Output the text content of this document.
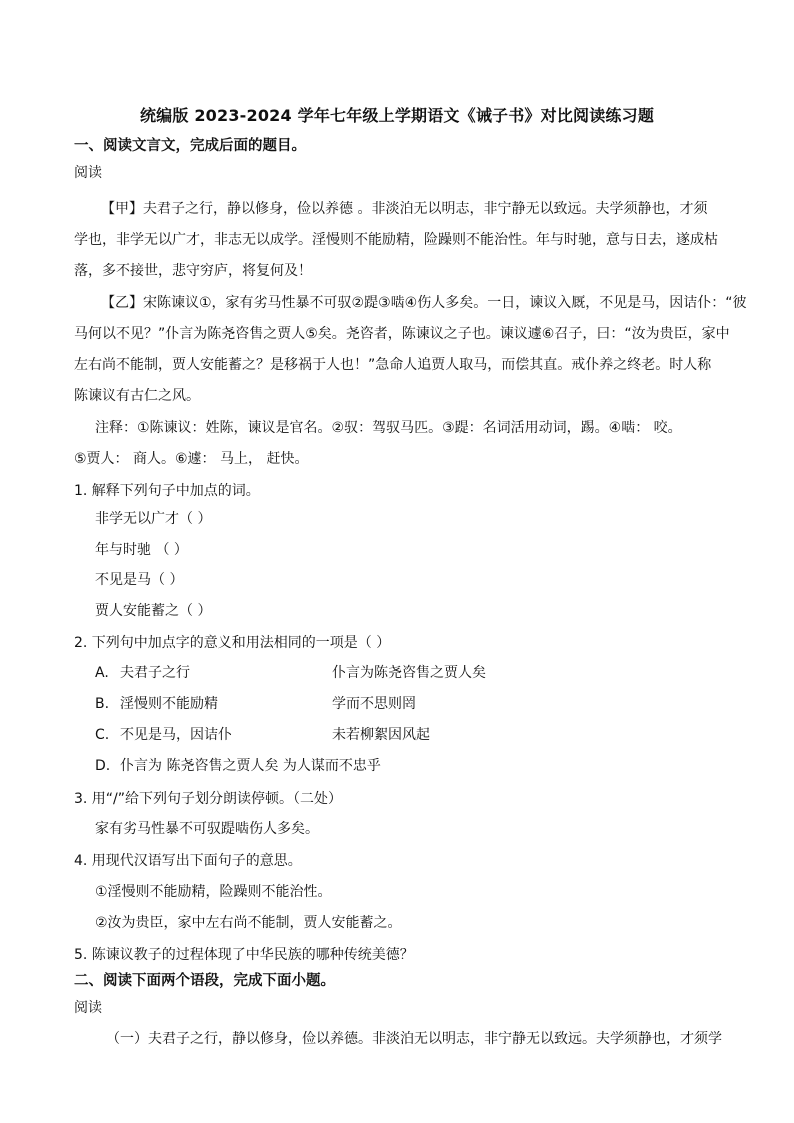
统编版 2023-2024 学年七年级上学期语文《诫子书》对比阅读练习题
一、阅读文言文，完成后面的题目。
阅读
【甲】夫君子之行，静以修身，俭以养德 。非淡泊无以明志，非宁静无以致远。夫学须静也，才须
学也，非学无以广才，非志无以成学。淫慢则不能励精，险躁则不能治性。年与时驰，意与日去，遂成枯
落，多不接世，悲守穷庐，将复何及！
【乙】宋陈谏议①，家有劣马性暴不可驭②踶③啮④伤人多矣。一日，谏议入厩，不见是马，因诘仆：“彼
马何以不见？”仆言为陈尧咨售之贾人⑤矣。尧咨者，陈谏议之子也。谏议遽⑥召子，曰：“汝为贵臣，家中
左右尚不能制，贾人安能蓄之？是移祸于人也！”急命人追贾人取马，而偿其直。戒仆养之终老。时人称
陈谏议有古仁之风。
注释：①陈谏议：姓陈，谏议是官名。②驭：驾驭马匹。③踶：名词活用动词，踢。④啮： 咬。
⑤贾人： 商人。⑥遽： 马上， 赶快。
1. 解释下列句子中加点的词。
非学无以广才（ ）
年与时驰 （ ）
不见是马（ ）
贾人安能蓄之（ ）
2. 下列句中加点字的意义和用法相同的一项是（ ）
A. 夫君子之行	仆言为陈尧咨售之贾人矣
B. 淫慢则不能励精	学而不思则罔
C. 不见是马，因诘仆	未若柳絮因风起
D. 仆言为 陈尧咨售之贾人矣 为人谋而不忠乎
3. 用“/”给下列句子划分朗读停顿。（二处）
家有劣马性暴不可驭踶啮伤人多矣。
4. 用现代汉语写出下面句子的意思。
①淫慢则不能励精，险躁则不能治性。
②汝为贵臣，家中左右尚不能制，贾人安能蓄之。
5. 陈谏议教子的过程体现了中华民族的哪种传统美德？
二、阅读下面两个语段，完成下面小题。
阅读
（一）夫君子之行，静以修身，俭以养德。非淡泊无以明志，非宁静无以致远。夫学须静也，才须学
